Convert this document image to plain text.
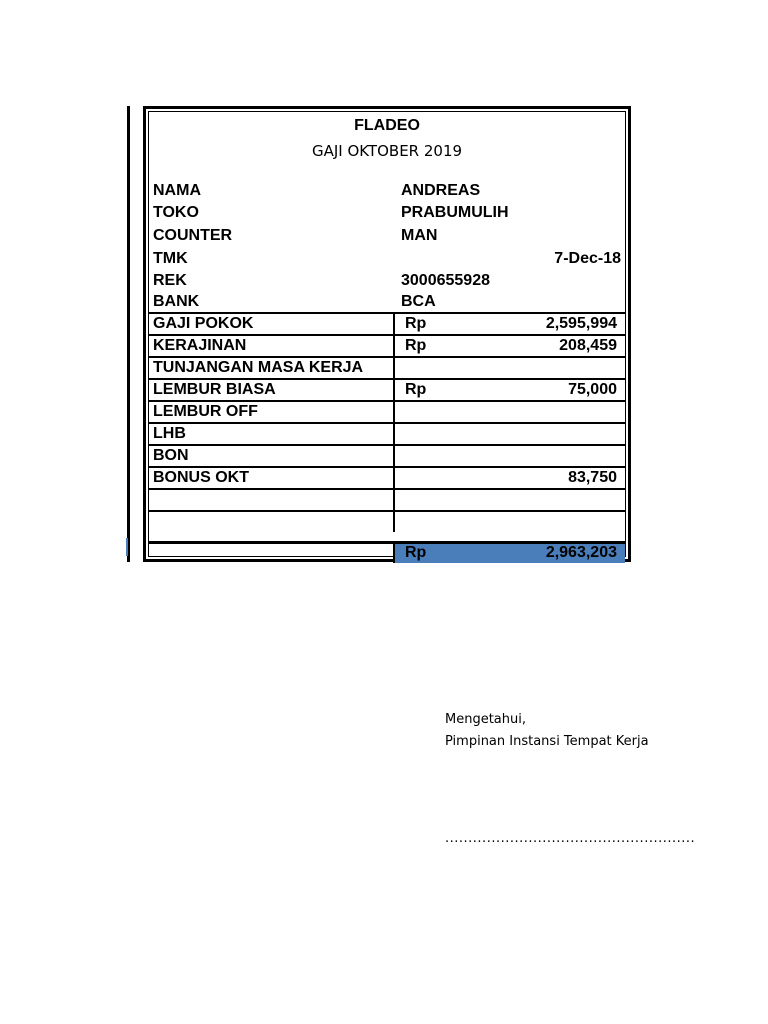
FLADEO
GAJI OKTOBER 2019
NAMA	ANDREAS
TOKO	PRABUMULIH
COUNTER	MAN
TMK	7-Dec-18
REK	3000655928
BANK	BCA
GAJI POKOK	Rp	2,595,994
KERAJINAN	Rp	208,459
TUNJANGAN MASA KERJA
LEMBUR BIASA	Rp	75,000
LEMBUR OFF
LHB
BON
BONUS OKT	83,750
Rp	2,963,203
Mengetahui,
Pimpinan Instansi Tempat Kerja
......................................................
